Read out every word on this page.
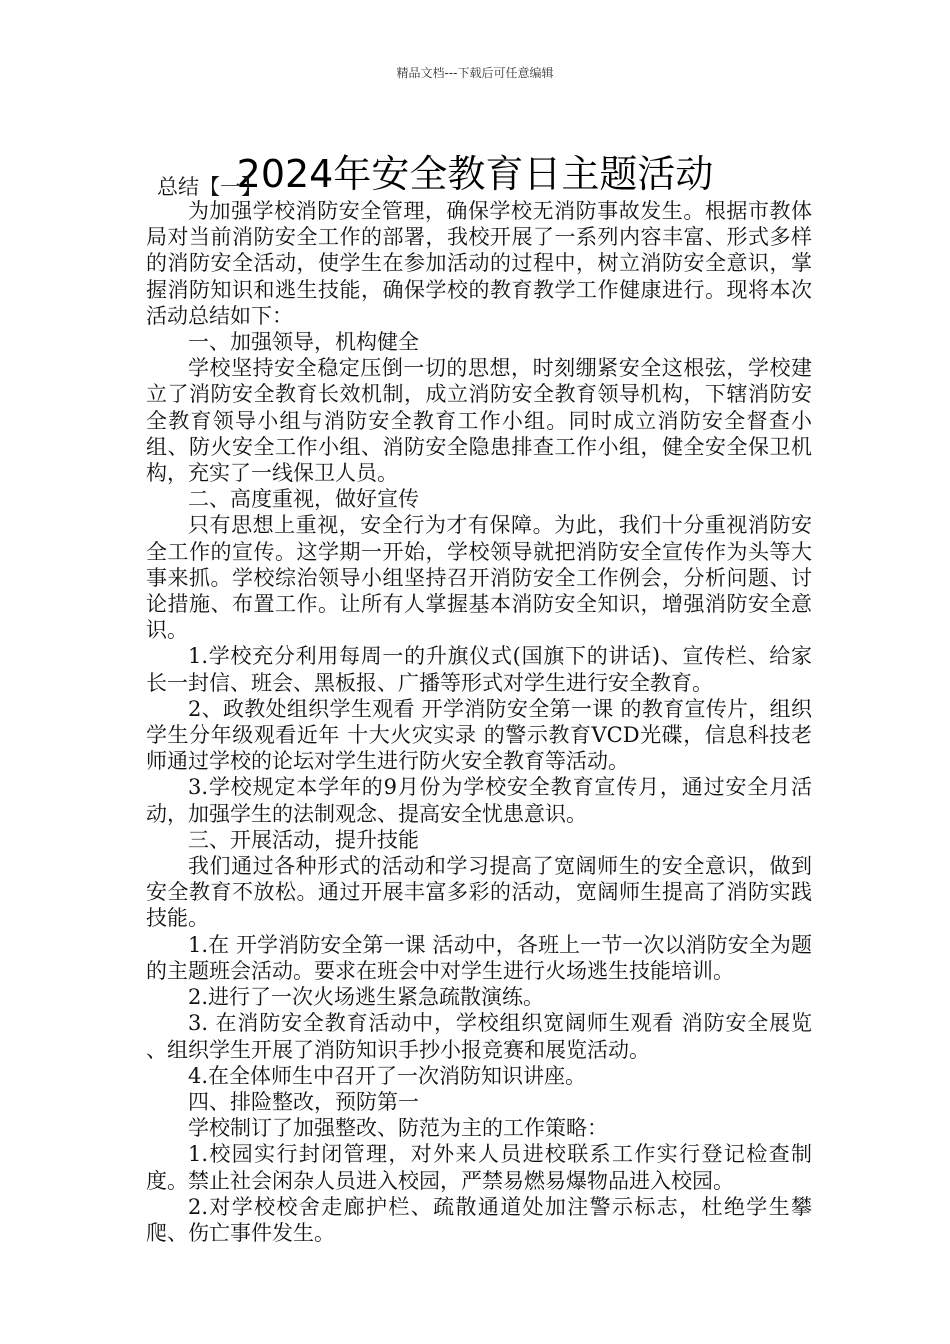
精品文档---下载后可任意编辑
2024年安全教育日主题活动
总结【一】

为加强学校消防安全管理，确保学校无消防事故发生。根据市教体局对当前消防安全工作的部署，我校开展了一系列内容丰富、形式多样的消防安全活动，使学生在参加活动的过程中，树立消防安全意识，掌握消防知识和逃生技能，确保学校的教育教学工作健康进行。现将本次活动总结如下：

一、加强领导，机构健全

学校坚持安全稳定压倒一切的思想，时刻绷紧安全这根弦，学校建立了消防安全教育长效机制，成立消防安全教育领导机构，下辖消防安全教育领导小组与消防安全教育工作小组。同时成立消防安全督查小组、防火安全工作小组、消防安全隐患排查工作小组，健全安全保卫机构，充实了一线保卫人员。

二、高度重视，做好宣传

只有思想上重视，安全行为才有保障。为此，我们十分重视消防安全工作的宣传。这学期一开始，学校领导就把消防安全宣传作为头等大事来抓。学校综治领导小组坚持召开消防安全工作例会，分析问题、讨论措施、布置工作。让所有人掌握基本消防安全知识，增强消防安全意识。

1.学校充分利用每周一的升旗仪式(国旗下的讲话)、宣传栏、给家长一封信、班会、黑板报、广播等形式对学生进行安全教育。

2、政教处组织学生观看 开学消防安全第一课 的教育宣传片，组织学生分年级观看近年 十大火灾实录 的警示教育VCD光碟，信息科技老师通过学校的论坛对学生进行防火安全教育等活动。

3.学校规定本学年的9月份为学校安全教育宣传月，通过安全月活动，加强学生的法制观念、提高安全忧患意识。

三、开展活动，提升技能

我们通过各种形式的活动和学习提高了宽阔师生的安全意识，做到安全教育不放松。通过开展丰富多彩的活动，宽阔师生提高了消防实践技能。

1.在 开学消防安全第一课 活动中，各班上一节一次以消防安全为题的主题班会活动。要求在班会中对学生进行火场逃生技能培训。

2.进行了一次火场逃生紧急疏散演练。

3. 在消防安全教育活动中，学校组织宽阔师生观看 消防安全展览 、组织学生开展了消防知识手抄小报竞赛和展览活动。

4.在全体师生中召开了一次消防知识讲座。

四、排险整改，预防第一

学校制订了加强整改、防范为主的工作策略：

1.校园实行封闭管理，对外来人员进校联系工作实行登记检查制度。禁止社会闲杂人员进入校园，严禁易燃易爆物品进入校园。

2.对学校校舍走廊护栏、疏散通道处加注警示标志，杜绝学生攀爬、伤亡事件发生。
